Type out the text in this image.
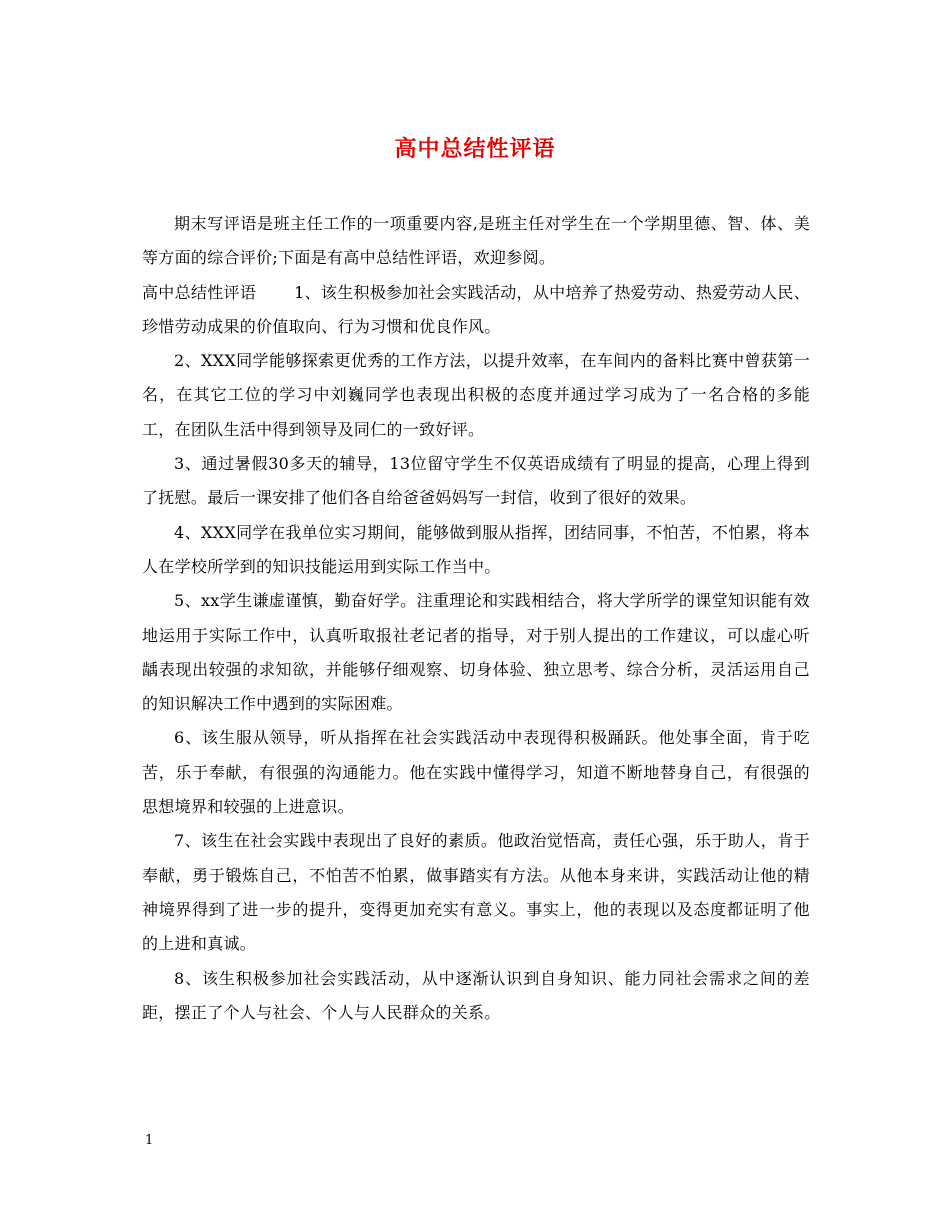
高中总结性评语

期末写评语是班主任工作的一项重要内容,是班主任对学生在一个学期里德、智、体、美等方面的综合评价;下面是有高中总结性评语，欢迎参阅。

高中总结性评语 1、该生积极参加社会实践活动，从中培养了热爱劳动、热爱劳动人民、珍惜劳动成果的价值取向、行为习惯和优良作风。

2、XXX同学能够探索更优秀的工作方法，以提升效率，在车间内的备料比赛中曾获第一名，在其它工位的学习中刘巍同学也表现出积极的态度并通过学习成为了一名合格的多能工，在团队生活中得到领导及同仁的一致好评。

3、通过暑假30多天的辅导，13位留守学生不仅英语成绩有了明显的提高，心理上得到了抚慰。最后一课安排了他们各自给爸爸妈妈写一封信，收到了很好的效果。

4、XXX同学在我单位实习期间，能够做到服从指挥，团结同事，不怕苦，不怕累，将本人在学校所学到的知识技能运用到实际工作当中。

5、xx学生谦虚谨慎，勤奋好学。注重理论和实践相结合，将大学所学的课堂知识能有效地运用于实际工作中，认真听取报社老记者的指导，对于别人提出的工作建议，可以虚心听龋表现出较强的求知欲，并能够仔细观察、切身体验、独立思考、综合分析，灵活运用自己的知识解决工作中遇到的实际困难。

6、该生服从领导，听从指挥在社会实践活动中表现得积极踊跃。他处事全面，肯于吃苦，乐于奉献，有很强的沟通能力。他在实践中懂得学习，知道不断地替身自己，有很强的思想境界和较强的上进意识。

7、该生在社会实践中表现出了良好的素质。他政治觉悟高，责任心强，乐于助人，肯于奉献，勇于锻炼自己，不怕苦不怕累，做事踏实有方法。从他本身来讲，实践活动让他的精神境界得到了进一步的提升，变得更加充实有意义。事实上，他的表现以及态度都证明了他的上进和真诚。

8、该生积极参加社会实践活动，从中逐渐认识到自身知识、能力同社会需求之间的差距，摆正了个人与社会、个人与人民群众的关系。

1
